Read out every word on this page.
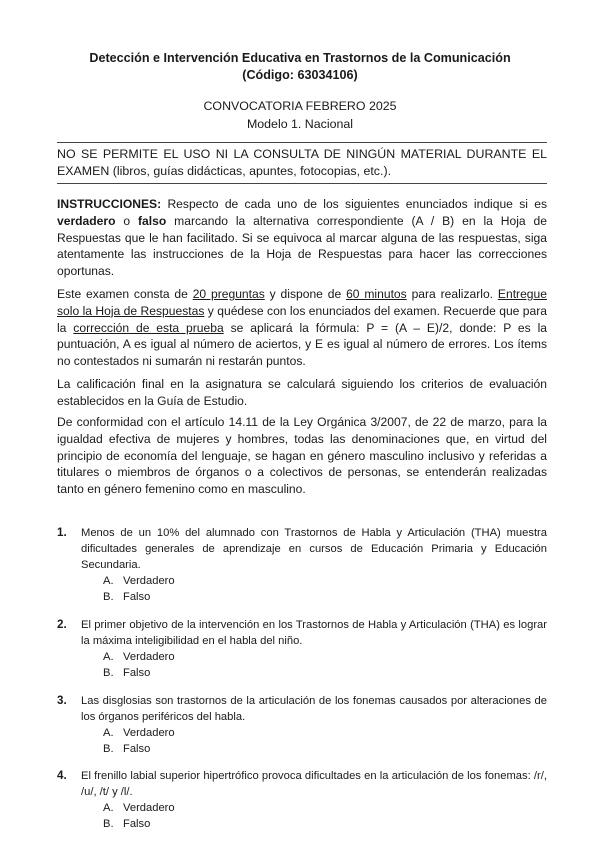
Detección e Intervención Educativa en Trastornos de la Comunicación
(Código: 63034106)
CONVOCATORIA FEBRERO 2025
Modelo 1. Nacional
NO SE PERMITE EL USO NI LA CONSULTA DE NINGÚN MATERIAL DURANTE EL EXAMEN (libros, guías didácticas, apuntes, fotocopias, etc.).

INSTRUCCIONES: Respecto de cada uno de los siguientes enunciados indique si es verdadero o falso marcando la alternativa correspondiente (A / B) en la Hoja de Respuestas que le han facilitado. Si se equivoca al marcar alguna de las respuestas, siga atentamente las instrucciones de la Hoja de Respuestas para hacer las correcciones oportunas.

Este examen consta de 20 preguntas y dispone de 60 minutos para realizarlo. Entregue solo la Hoja de Respuestas y quédese con los enunciados del examen. Recuerde que para la corrección de esta prueba se aplicará la fórmula: P = (A – E)/2, donde: P es la puntuación, A es igual al número de aciertos, y E es igual al número de errores. Los ítems no contestados ni sumarán ni restarán puntos.

La calificación final en la asignatura se calculará siguiendo los criterios de evaluación establecidos en la Guía de Estudio.

De conformidad con el artículo 14.11 de la Ley Orgánica 3/2007, de 22 de marzo, para la igualdad efectiva de mujeres y hombres, todas las denominaciones que, en virtud del principio de economía del lenguaje, se hagan en género masculino inclusivo y referidas a titulares o miembros de órganos o a colectivos de personas, se entenderán realizadas tanto en género femenino como en masculino.

1. Menos de un 10% del alumnado con Trastornos de Habla y Articulación (THA) muestra dificultades generales de aprendizaje en cursos de Educación Primaria y Educación Secundaria.
A. Verdadero
B. Falso
2. El primer objetivo de la intervención en los Trastornos de Habla y Articulación (THA) es lograr la máxima inteligibilidad en el habla del niño.
A. Verdadero
B. Falso
3. Las disglosias son trastornos de la articulación de los fonemas causados por alteraciones de los órganos periféricos del habla.
A. Verdadero
B. Falso
4. El frenillo labial superior hipertrófico provoca dificultades en la articulación de los fonemas: /r/, /u/, /t/ y /l/.
A. Verdadero
B. Falso
